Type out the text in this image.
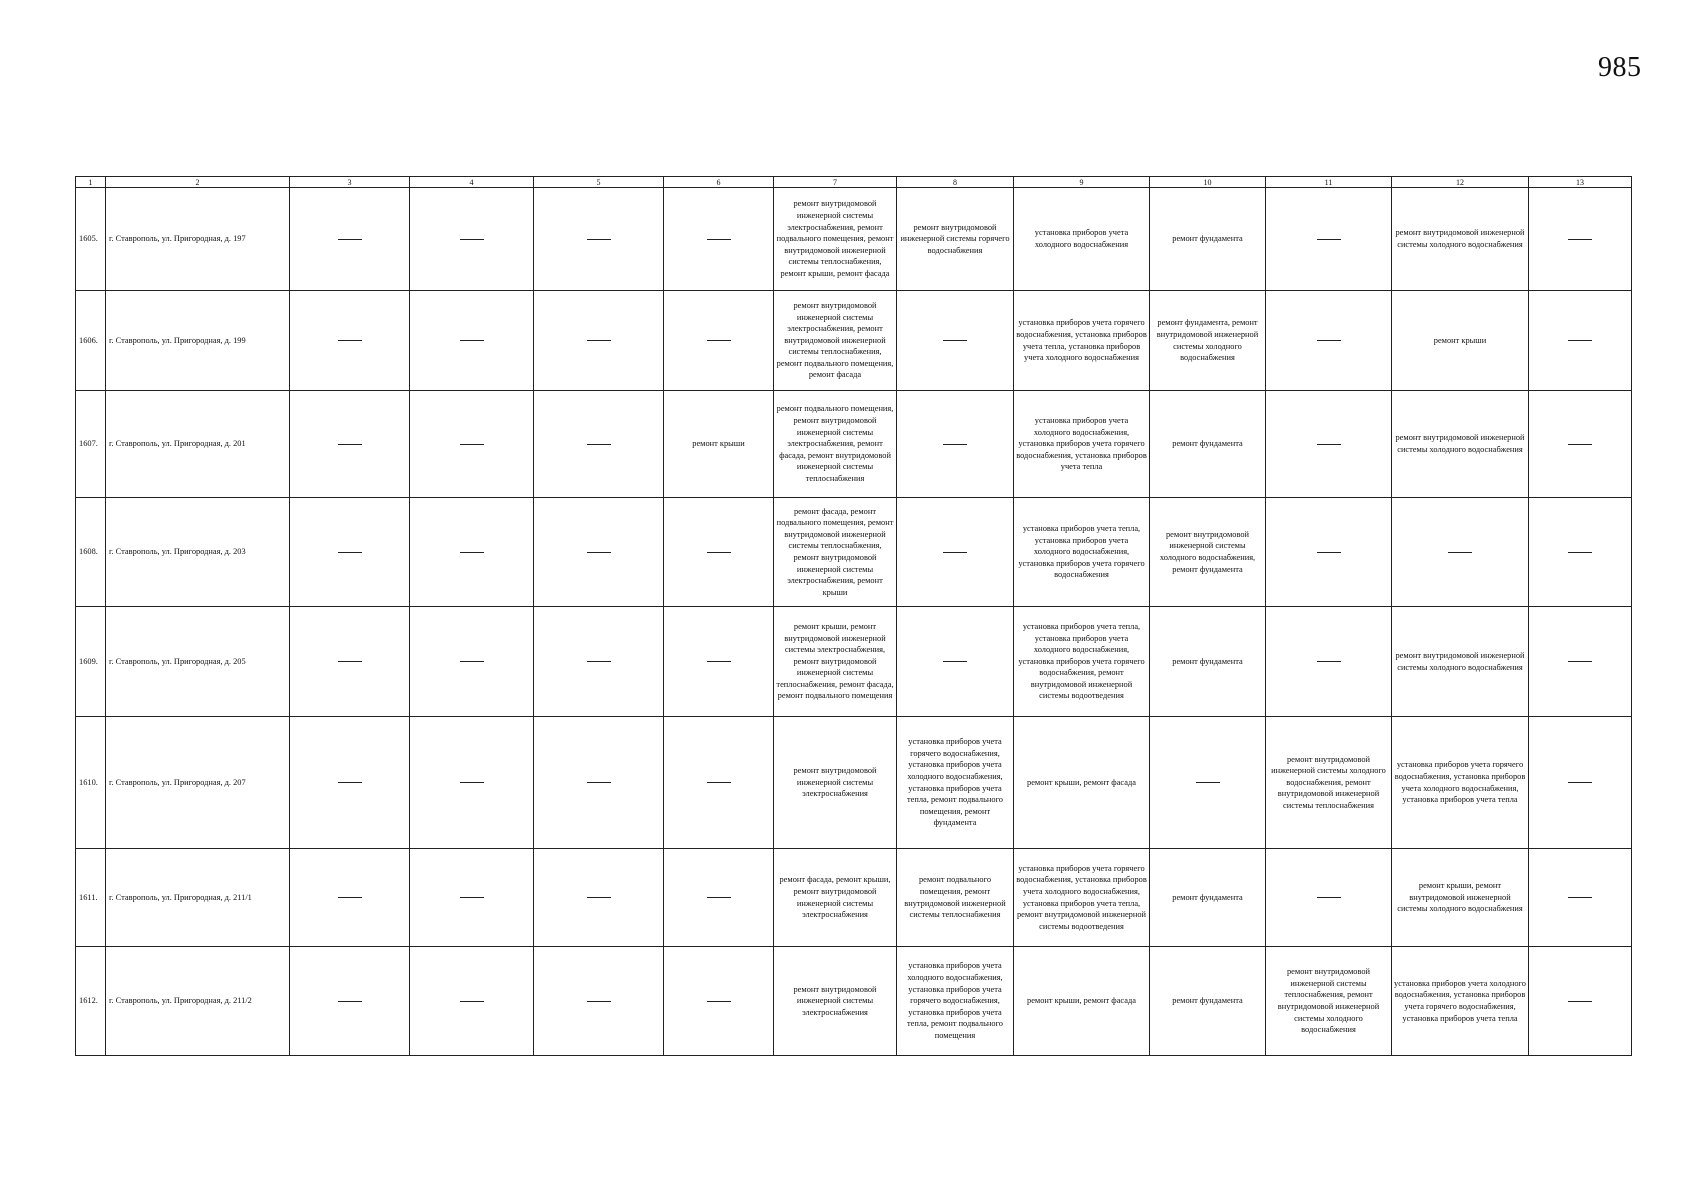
985
1	2	3	4	5	6	7	8	9	10	11	12	13
1605.	г. Ставрополь, ул. Пригородная, д. 197					ремонт внутридомовой инженерной системы электроснабжения, ремонт подвального помещения, ремонт внутридомовой инженерной системы теплоснабжения, ремонт крыши, ремонт фасада	ремонт внутридомовой инженерной системы горячего водоснабжения	установка приборов учета холодного водоснабжения	ремонт фундамента		ремонт внутридомовой инженерной системы холодного водоснабжения	
1606.	г. Ставрополь, ул. Пригородная, д. 199					ремонт внутридомовой инженерной системы электроснабжения, ремонт внутридомовой инженерной системы теплоснабжения, ремонт подвального помещения, ремонт фасада		установка приборов учета горячего водоснабжения, установка приборов учета тепла, установка приборов учета холодного водоснабжения	ремонт фундамента, ремонт внутридомовой инженерной системы холодного водоснабжения		ремонт крыши	
1607.	г. Ставрополь, ул. Пригородная, д. 201				ремонт крыши	ремонт подвального помещения, ремонт внутридомовой инженерной системы электроснабжения, ремонт фасада, ремонт внутридомовой инженерной системы теплоснабжения		установка приборов учета холодного водоснабжения, установка приборов учета горячего водоснабжения, установка приборов учета тепла	ремонт фундамента		ремонт внутридомовой инженерной системы холодного водоснабжения	
1608.	г. Ставрополь, ул. Пригородная, д. 203					ремонт фасада, ремонт подвального помещения, ремонт внутридомовой инженерной системы теплоснабжения, ремонт внутридомовой инженерной системы электроснабжения, ремонт крыши		установка приборов учета тепла, установка приборов учета холодного водоснабжения, установка приборов учета горячего водоснабжения	ремонт внутридомовой инженерной системы холодного водоснабжения, ремонт фундамента			
1609.	г. Ставрополь, ул. Пригородная, д. 205					ремонт крыши, ремонт внутридомовой инженерной системы электроснабжения, ремонт внутридомовой инженерной системы теплоснабжения, ремонт фасада, ремонт подвального помещения		установка приборов учета тепла, установка приборов учета холодного водоснабжения, установка приборов учета горячего водоснабжения, ремонт внутридомовой инженерной системы водоотведения	ремонт фундамента		ремонт внутридомовой инженерной системы холодного водоснабжения	
1610.	г. Ставрополь, ул. Пригородная, д. 207					ремонт внутридомовой инженерной системы электроснабжения	установка приборов учета горячего водоснабжения, установка приборов учета холодного водоснабжения, установка приборов учета тепла, ремонт подвального помещения, ремонт фундамента	ремонт крыши, ремонт фасада		ремонт внутридомовой инженерной системы холодного водоснабжения, ремонт внутридомовой инженерной системы теплоснабжения	установка приборов учета горячего водоснабжения, установка приборов учета холодного водоснабжения, установка приборов учета тепла	
1611.	г. Ставрополь, ул. Пригородная, д. 211/1					ремонт фасада, ремонт крыши, ремонт внутридомовой инженерной системы электроснабжения	ремонт подвального помещения, ремонт внутридомовой инженерной системы теплоснабжения	установка приборов учета горячего водоснабжения, установка приборов учета холодного водоснабжения, установка приборов учета тепла, ремонт внутридомовой инженерной системы водоотведения	ремонт фундамента		ремонт крыши, ремонт внутридомовой инженерной системы холодного водоснабжения	
1612.	г. Ставрополь, ул. Пригородная, д. 211/2					ремонт внутридомовой инженерной системы электроснабжения	установка приборов учета холодного водоснабжения, установка приборов учета горячего водоснабжения, установка приборов учета тепла, ремонт подвального помещения	ремонт крыши, ремонт фасада	ремонт фундамента	ремонт внутридомовой инженерной системы теплоснабжения, ремонт внутридомовой инженерной системы холодного водоснабжения	установка приборов учета холодного водоснабжения, установка приборов учета горячего водоснабжения, установка приборов учета тепла	
